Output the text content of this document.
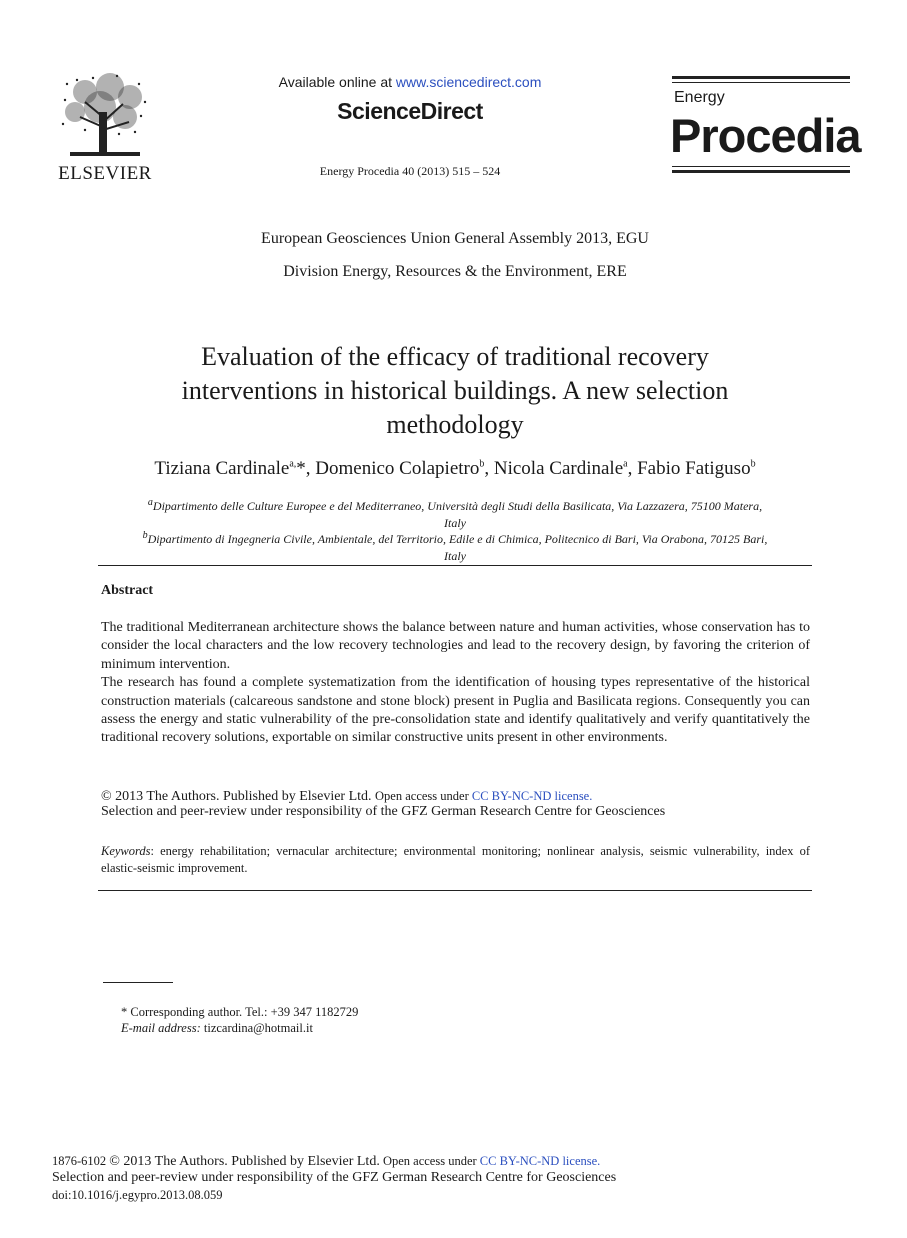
ELSEVIER
Available online at www.sciencedirect.com
ScienceDirect
Energy Procedia 40 (2013) 515 – 524
Energy
Procedia
European Geosciences Union General Assembly 2013, EGU
Division Energy, Resources & the Environment, ERE
Evaluation of the efficacy of traditional recovery
interventions in historical buildings. A new selection
methodology
Tiziana Cardinale$^{a,}$*, Domenico Colapietro$^b$, Nicola Cardinale$^a$, Fabio Fatiguso$^b$
$^a$Dipartimento delle Culture Europee e del Mediterraneo, Università degli Studi della Basilicata, Via Lazzazera, 75100 Matera,
Italy
$^b$Dipartimento di Ingegneria Civile, Ambientale, del Territorio, Edile e di Chimica, Politecnico di Bari, Via Orabona, 70125 Bari,
Italy
Abstract
The traditional Mediterranean architecture shows the balance between nature and human activities, whose conservation has to consider the local characters and the low recovery technologies and lead to the recovery design, by favoring the criterion of minimum intervention.
The research has found a complete systematization from the identification of housing types representative of the historical construction materials (calcareous sandstone and stone block) present in Puglia and Basilicata regions. Consequently you can assess the energy and static vulnerability of the pre-consolidation state and identify qualitatively and verify quantitatively the traditional recovery solutions, exportable on similar constructive units present in other environments.
© 2013 The Authors. Published by Elsevier Ltd. Open access under CC BY-NC-ND license.
Selection and peer-review under responsibility of the GFZ German Research Centre for Geosciences
Keywords: energy rehabilitation; vernacular architecture; environmental monitoring; nonlinear analysis, seismic vulnerability, index of elastic-seismic improvement.
* Corresponding author. Tel.: +39 347 1182729
E-mail address: tizcardina@hotmail.it
1876-6102 © 2013 The Authors. Published by Elsevier Ltd. Open access under CC BY-NC-ND license.
Selection and peer-review under responsibility of the GFZ German Research Centre for Geosciences
doi:10.1016/j.egypro.2013.08.059
